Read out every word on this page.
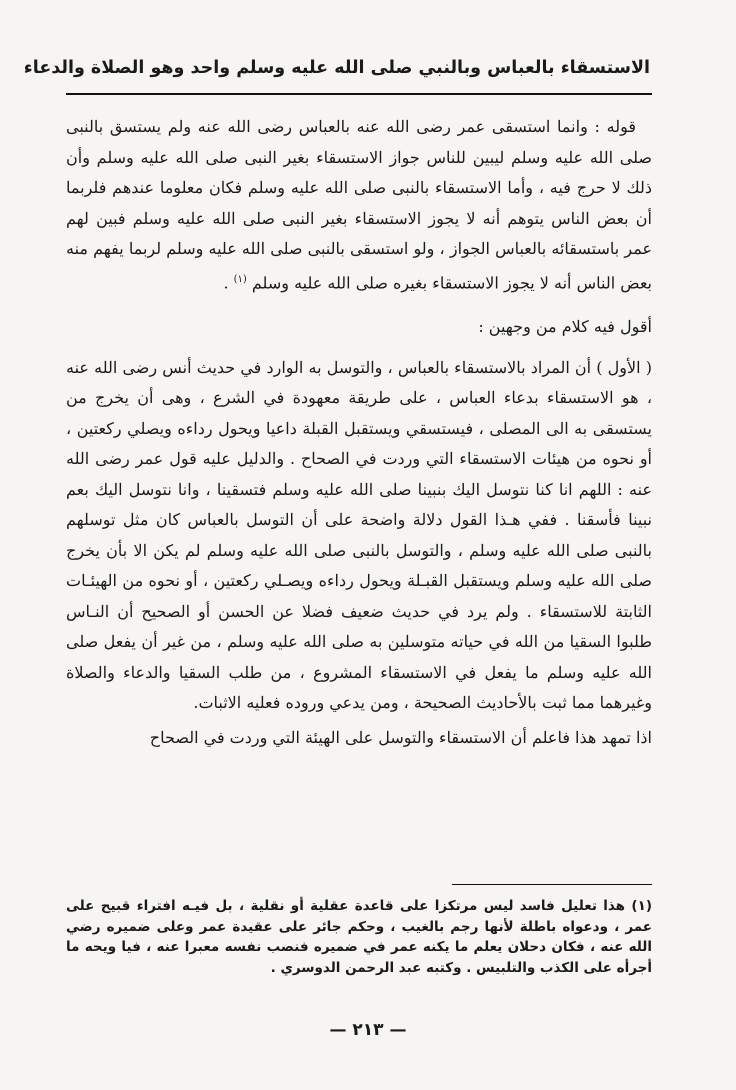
الاستسقاء بالعباس وبالنبي صلى الله عليه وسلم واحد وهو الصلاة والدعاء

قوله : وانما استسقى عمر رضى الله عنه بالعباس رضى الله عنه ولم يستسق بالنبى صلى الله عليه وسلم ليبين للناس جواز الاستسقاء بغير النبى صلى الله عليه وسلم وأن ذلك لا حرج فيه ، وأما الاستسقاء بالنبى صلى الله عليه وسلم فكان معلوما عندهم فلربما أن بعض الناس يتوهم أنه لا يجوز الاستسقاء بغير النبى صلى الله عليه وسلم فبين لهم عمر باستسقائه بالعباس الجواز ، ولو استسقى بالنبى صلى الله عليه وسلم لربما يفهم منه بعض الناس أنه لا يجوز الاستسقاء بغيره صلى الله عليه وسلم $^{(١)}$ .

أقول فيه كلام من وجهين :

( الأول ) أن المراد بالاستسقاء بالعباس ، والتوسل به الوارد في حديث أنس رضى الله عنه ، هو الاستسقاء بدعاء العباس ، على طريقة معهودة في الشرع ، وهى أن يخرج من يستسقى به الى المصلى ، فيستسقي ويستقبل القبلة داعيا ويحول رداءه ويصلي ركعتين ، أو نحوه من هيئات الاستسقاء التي وردت في الصحاح . والدليل عليه قول عمر رضى الله عنه : اللهم انا كنا نتوسل اليك بنبينا صلى الله عليه وسلم فتسقينا ، وانا نتوسل اليك بعم نبينا فأسقنا . ففي هـذا القول دلالة واضحة على أن التوسل بالعباس كان مثل توسلهم بالنبى صلى الله عليه وسلم ، والتوسل بالنبى صلى الله عليه وسلم لم يكن الا بأن يخرج صلى الله عليه وسلم ويستقبل القبـلة ويحول رداءه ويصـلي ركعتين ، أو نحوه من الهيئـات الثابتة للاستسقاء . ولم يرد في حديث ضعيف فضلا عن الحسن أو الصحيح أن النـاس طلبوا السقيا من الله في حياته متوسلين به صلى الله عليه وسلم ، من غير أن يفعل صلى الله عليه وسلم ما يفعل في الاستسقاء المشروع ، من طلب السقيا والدعاء والصلاة وغيرهما مما ثبت بالأحاديث الصحيحة ، ومن يدعي وروده فعليه الاثبات.

اذا تمهد هذا فاعلم أن الاستسقاء والتوسل على الهيئة التي وردت في الصحاح

(١) هذا تعليل فاسد ليس مرتكزا على قاعدة عقلية أو نقلية ، بل فيـه افتراء قبيح على عمر ، ودعواه باطلة لأنها رجم بالغيب ، وحكم جائر على عقيدة عمر وعلى ضميره رضي الله عنه ، فكان دحلان يعلم ما يكنه عمر في ضميره فنصب نفسه معبرا عنه ، فيا ويحه ما أجرأه على الكذب والتلبيس . وكتبه عبد الرحمن الدوسري .
— ٢١٣ —
